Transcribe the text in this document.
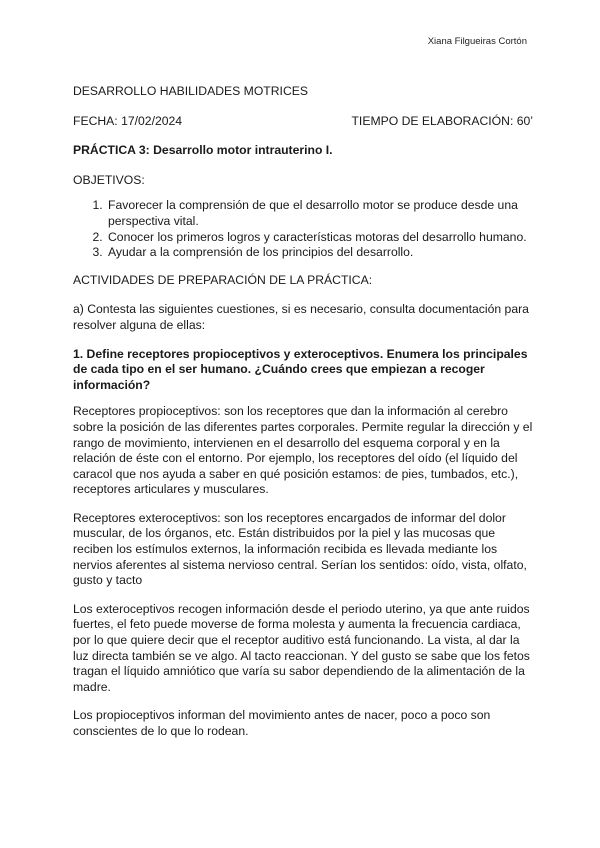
Xiana Filgueiras Cortón

DESARROLLO HABILIDADES MOTRICES

FECHA: 17/02/2024	TIEMPO DE ELABORACIÓN: 60’

PRÁCTICA 3: Desarrollo motor intrauterino I.

OBJETIVOS:

1. Favorecer la comprensión de que el desarrollo motor se produce desde una perspectiva vital.
2. Conocer los primeros logros y características motoras del desarrollo humano.
3. Ayudar a la comprensión de los principios del desarrollo.

ACTIVIDADES DE PREPARACIÓN DE LA PRÁCTICA:

a) Contesta las siguientes cuestiones, si es necesario, consulta documentación para resolver alguna de ellas:

1. Define receptores propioceptivos y exteroceptivos. Enumera los principales de cada tipo en el ser humano. ¿Cuándo crees que empiezan a recoger información?

Receptores propioceptivos: son los receptores que dan la información al cerebro sobre la posición de las diferentes partes corporales. Permite regular la dirección y el rango de movimiento, intervienen en el desarrollo del esquema corporal y en la relación de éste con el entorno. Por ejemplo, los receptores del oído (el líquido del caracol que nos ayuda a saber en qué posición estamos: de pies, tumbados, etc.), receptores articulares y musculares.

Receptores exteroceptivos: son los receptores encargados de informar del dolor muscular, de los órganos, etc. Están distribuidos por la piel y las mucosas que reciben los estímulos externos, la información recibida es llevada mediante los nervios aferentes al sistema nervioso central. Serían los sentidos: oído, vista, olfato, gusto y tacto

Los exteroceptivos recogen información desde el periodo uterino, ya que ante ruidos fuertes, el feto puede moverse de forma molesta y aumenta la frecuencia cardiaca, por lo que quiere decir que el receptor auditivo está funcionando. La vista, al dar la luz directa también se ve algo. Al tacto reaccionan. Y del gusto se sabe que los fetos tragan el líquido amniótico que varía su sabor dependiendo de la alimentación de la madre.

Los propioceptivos informan del movimiento antes de nacer, poco a poco son conscientes de lo que lo rodean.
